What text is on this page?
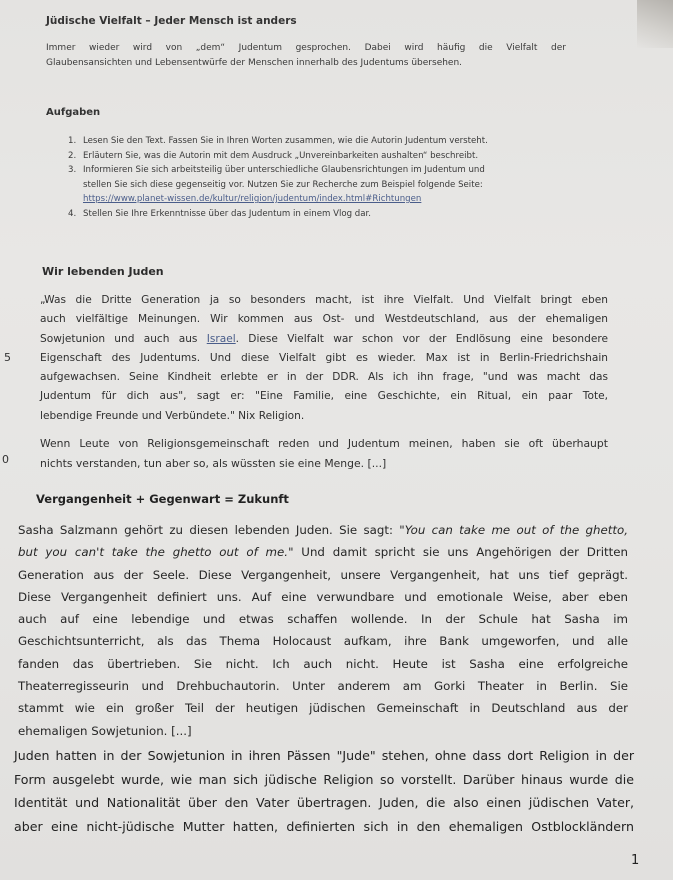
Jüdische Vielfalt – Jeder Mensch ist anders
Immer wieder wird von „dem“ Judentum gesprochen. Dabei wird häufig die Vielfalt der
Glaubensansichten und Lebensentwürfe der Menschen innerhalb des Judentums übersehen.
Aufgaben
1. Lesen Sie den Text. Fassen Sie in Ihren Worten zusammen, wie die Autorin Judentum versteht.
2. Erläutern Sie, was die Autorin mit dem Ausdruck „Unvereinbarkeiten aushalten“ beschreibt.
3. Informieren Sie sich arbeitsteilig über unterschiedliche Glaubensrichtungen im Judentum und
stellen Sie sich diese gegenseitig vor. Nutzen Sie zur Recherche zum Beispiel folgende Seite:
https://www.planet-wissen.de/kultur/religion/judentum/index.html#Richtungen
4. Stellen Sie Ihre Erkenntnisse über das Judentum in einem Vlog dar.
Wir lebenden Juden
5
„Was die Dritte Generation ja so besonders macht, ist ihre Vielfalt. Und Vielfalt bringt eben
auch vielfältige Meinungen. Wir kommen aus Ost- und Westdeutschland, aus der ehemaligen
Sowjetunion und auch aus Israel. Diese Vielfalt war schon vor der Endlösung eine besondere
Eigenschaft des Judentums. Und diese Vielfalt gibt es wieder. Max ist in Berlin-Friedrichshain
aufgewachsen. Seine Kindheit erlebte er in der DDR. Als ich ihn frage, "und was macht das
Judentum für dich aus", sagt er: "Eine Familie, eine Geschichte, ein Ritual, ein paar Tote,
lebendige Freunde und Verbündete." Nix Religion.
0
Wenn Leute von Religionsgemeinschaft reden und Judentum meinen, haben sie oft überhaupt
nichts verstanden, tun aber so, als wüssten sie eine Menge. [...]
Vergangenheit + Gegenwart = Zukunft
Sasha Salzmann gehört zu diesen lebenden Juden. Sie sagt: "You can take me out of the ghetto,
but you can't take the ghetto out of me." Und damit spricht sie uns Angehörigen der Dritten
Generation aus der Seele. Diese Vergangenheit, unsere Vergangenheit, hat uns tief geprägt.
Diese Vergangenheit definiert uns. Auf eine verwundbare und emotionale Weise, aber eben
auch auf eine lebendige und etwas schaffen wollende. In der Schule hat Sasha im
Geschichtsunterricht, als das Thema Holocaust aufkam, ihre Bank umgeworfen, und alle
fanden das übertrieben. Sie nicht. Ich auch nicht. Heute ist Sasha eine erfolgreiche
Theaterregisseurin und Drehbuchautorin. Unter anderem am Gorki Theater in Berlin. Sie
stammt wie ein großer Teil der heutigen jüdischen Gemeinschaft in Deutschland aus der
ehemaligen Sowjetunion. [...]
Juden hatten in der Sowjetunion in ihren Pässen "Jude" stehen, ohne dass dort Religion in der
Form ausgelebt wurde, wie man sich jüdische Religion so vorstellt. Darüber hinaus wurde die
Identität und Nationalität über den Vater übertragen. Juden, die also einen jüdischen Vater,
aber eine nicht-jüdische Mutter hatten, definierten sich in den ehemaligen Ostblockländern
1
